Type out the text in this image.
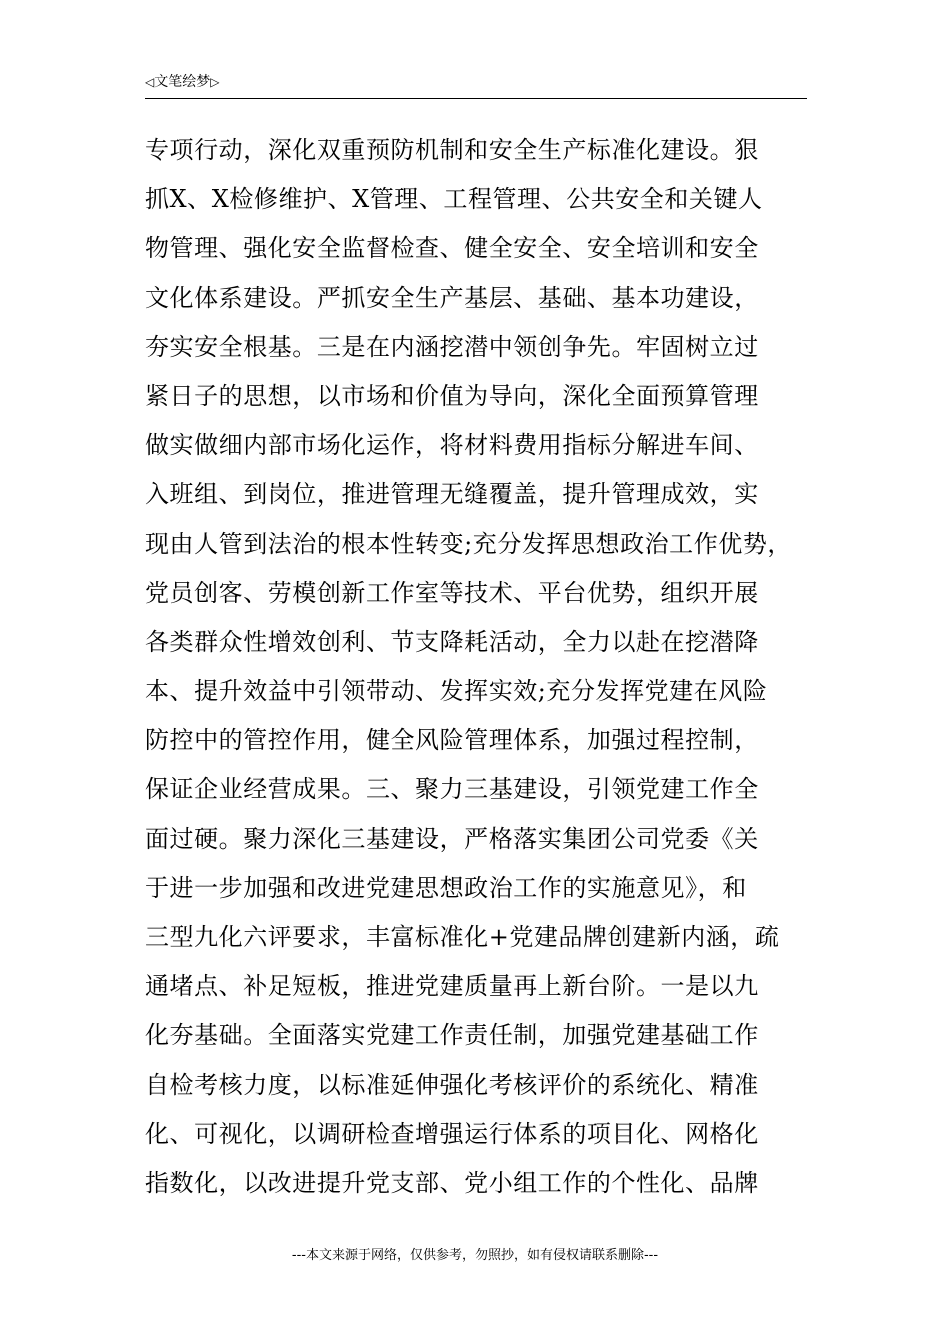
◁文笔绘梦▷
专项行动，深化双重预防机制和安全生产标准化建设。狠
抓X、X检修维护、X管理、工程管理、公共安全和关键人
物管理、强化安全监督检查、健全安全、安全培训和安全
文化体系建设。严抓安全生产基层、基础、基本功建设，
夯实安全根基。三是在内涵挖潜中领创争先。牢固树立过
紧日子的思想，以市场和价值为导向，深化全面预算管理
做实做细内部市场化运作，将材料费用指标分解进车间、
入班组、到岗位，推进管理无缝覆盖，提升管理成效，实
现由人管到法治的根本性转变;充分发挥思想政治工作优势，
党员创客、劳模创新工作室等技术、平台优势，组织开展
各类群众性增效创利、节支降耗活动，全力以赴在挖潜降
本、提升效益中引领带动、发挥实效;充分发挥党建在风险
防控中的管控作用，健全风险管理体系，加强过程控制，
保证企业经营成果。三、聚力三基建设，引领党建工作全
面过硬。聚力深化三基建设，严格落实集团公司党委《关
于进一步加强和改进党建思想政治工作的实施意见》，和
三型九化六评要求，丰富标准化+党建品牌创建新内涵，疏
通堵点、补足短板，推进党建质量再上新台阶。一是以九
化夯基础。全面落实党建工作责任制，加强党建基础工作
自检考核力度，以标准延伸强化考核评价的系统化、精准
化、可视化，以调研检查增强运行体系的项目化、网格化
指数化，以改进提升党支部、党小组工作的个性化、品牌
---本文来源于网络，仅供参考，勿照抄，如有侵权请联系删除---
